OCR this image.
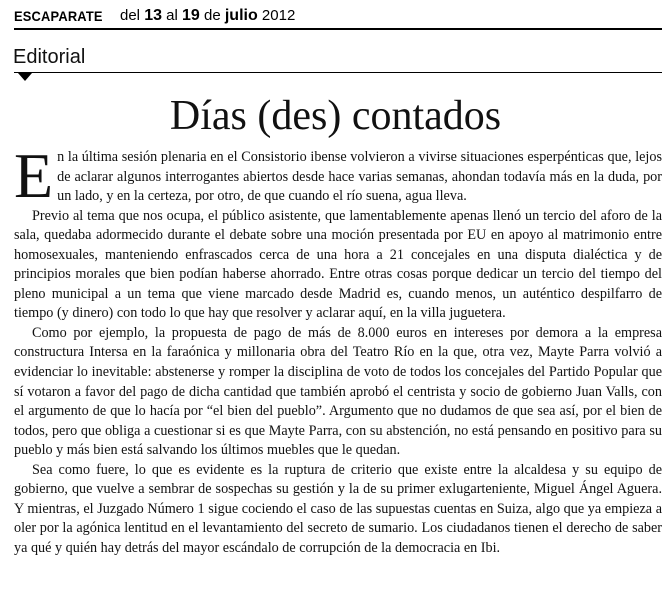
ESCAPARATE del 13 al 19 de julio 2012
Editorial
Días (des) contados

En la última sesión plenaria en el Consistorio ibense volvieron a vivirse situaciones esperpénticas que, lejos de aclarar algunos interrogantes abiertos desde hace varias semanas, ahondan todavía más en la duda, por un lado, y en la certeza, por otro, de que cuando el río suena, agua lleva.

Previo al tema que nos ocupa, el público asistente, que lamentablemente apenas llenó un tercio del aforo de la sala, quedaba adormecido durante el debate sobre una moción presentada por EU en apoyo al matrimonio entre homosexuales, manteniendo enfrascados cerca de una hora a 21 concejales en una disputa dialéctica y de principios morales que bien podían haberse ahorrado. Entre otras cosas porque dedicar un tercio del tiempo del pleno municipal a un tema que viene marcado desde Madrid es, cuando menos, un auténtico despilfarro de tiempo (y dinero) con todo lo que hay que resolver y aclarar aquí, en la villa juguetera.

Como por ejemplo, la propuesta de pago de más de 8.000 euros en intereses por demora a la empresa constructura Intersa en la faraónica y millonaria obra del Teatro Río en la que, otra vez, Mayte Parra volvió a evidenciar lo inevitable: abstenerse y romper la disciplina de voto de todos los concejales del Partido Popular que sí votaron a favor del pago de dicha cantidad que también aprobó el centrista y socio de gobierno Juan Valls, con el argumento de que lo hacía por “el bien del pueblo”. Argumento que no dudamos de que sea así, por el bien de todos, pero que obliga a cuestionar si es que Mayte Parra, con su abstención, no está pensando en positivo para su pueblo y más bien está salvando los últimos muebles que le quedan.

Sea como fuere, lo que es evidente es la ruptura de criterio que existe entre la alcaldesa y su equipo de gobierno, que vuelve a sembrar de sospechas su gestión y la de su primer exlugarteniente, Miguel Ángel Aguera. Y mientras, el Juzgado Número 1 sigue cociendo el caso de las supuestas cuentas en Suiza, algo que ya empieza a oler por la agónica lentitud en el levantamiento del secreto de sumario. Los ciudadanos tienen el derecho de saber ya qué y quién hay detrás del mayor escándalo de corrupción de la democracia en Ibi.
